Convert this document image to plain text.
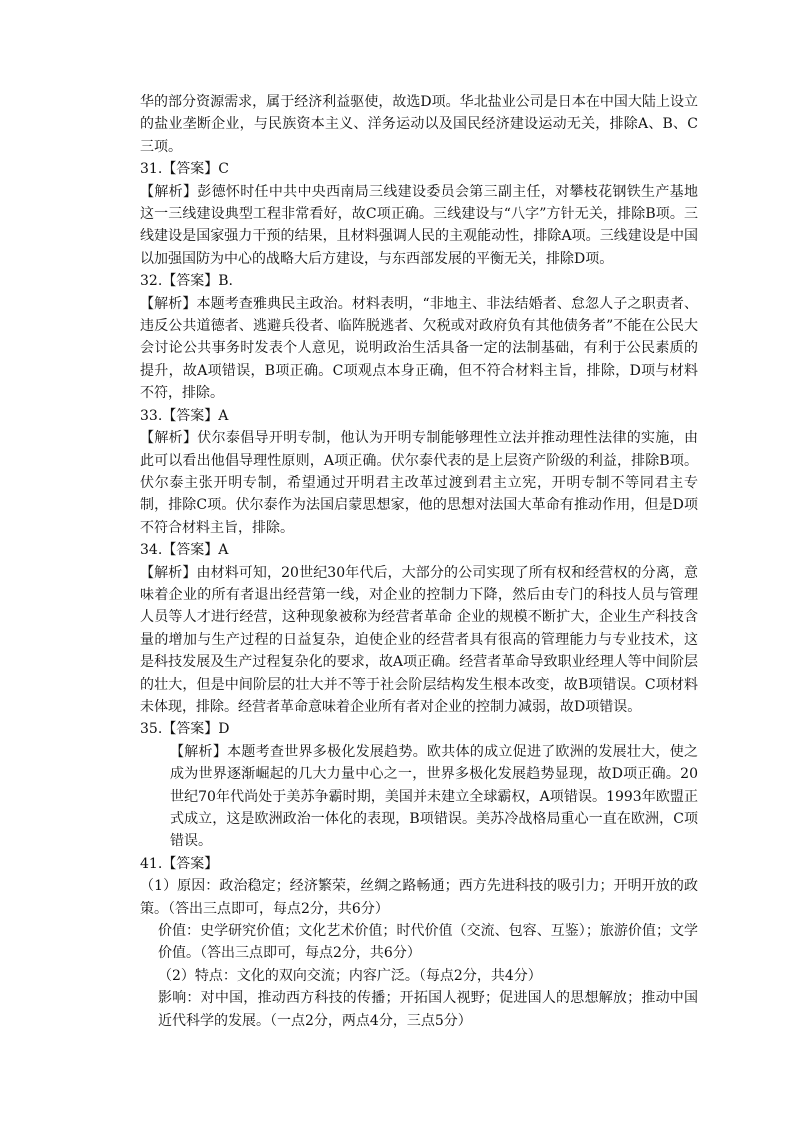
华的部分资源需求，属于经济利益驱使，故选D项。华北盐业公司是日本在中国大陆上设立的盐业垄断企业，与民族资本主义、洋务运动以及国民经济建设运动无关，排除A、B、C三项。

31.【答案】C

【解析】彭德怀时任中共中央西南局三线建设委员会第三副主任，对攀枝花钢铁生产基地这一三线建设典型工程非常看好，故C项正确。三线建设与“八字”方针无关，排除B项。三线建设是国家强力干预的结果，且材料强调人民的主观能动性，排除A项。三线建设是中国以加强国防为中心的战略大后方建设，与东西部发展的平衡无关，排除D项。

32.【答案】B.

【解析】本题考查雅典民主政治。材料表明，“非地主、非法结婚者、怠忽人子之职责者、违反公共道德者、逃避兵役者、临阵脱逃者、欠税或对政府负有其他债务者”不能在公民大会讨论公共事务时发表个人意见，说明政治生活具备一定的法制基础，有利于公民素质的提升，故A项错误，B项正确。C项观点本身正确，但不符合材料主旨，排除，D项与材料不符，排除。

33.【答案】A

【解析】伏尔泰倡导开明专制，他认为开明专制能够理性立法并推动理性法律的实施，由此可以看出他倡导理性原则，A项正确。伏尔泰代表的是上层资产阶级的利益，排除B项。伏尔泰主张开明专制，希望通过开明君主改革过渡到君主立宪，开明专制不等同君主专制，排除C项。伏尔泰作为法国启蒙思想家，他的思想对法国大革命有推动作用，但是D项不符合材料主旨，排除。

34.【答案】A

【解析】由材料可知，20世纪30年代后，大部分的公司实现了所有权和经营权的分离，意味着企业的所有者退出经营第一线，对企业的控制力下降，然后由专门的科技人员与管理人员等人才进行经营，这种现象被称为经营者革命 企业的规模不断扩大，企业生产科技含量的增加与生产过程的日益复杂，迫使企业的经营者具有很高的管理能力与专业技术，这是科技发展及生产过程复杂化的要求，故A项正确。经营者革命导致职业经理人等中间阶层的壮大，但是中间阶层的壮大并不等于社会阶层结构发生根本改变，故B项错误。C项材料未体现，排除。经营者革命意味着企业所有者对企业的控制力减弱，故D项错误。

35.【答案】D

【解析】本题考查世界多极化发展趋势。欧共体的成立促进了欧洲的发展壮大，使之成为世界逐渐崛起的几大力量中心之一，世界多极化发展趋势显现，故D项正确。20世纪70年代尚处于美苏争霸时期，美国并未建立全球霸权，A项错误。1993年欧盟正式成立，这是欧洲政治一体化的表现，B项错误。美苏冷战格局重心一直在欧洲，C项错误。

41.【答案】

（1）原因：政治稳定；经济繁荣，丝绸之路畅通；西方先进科技的吸引力；开明开放的政策。（答出三点即可，每点2分，共6分）

价值：史学研究价值；文化艺术价值；时代价值（交流、包容、互鉴）；旅游价值；文学价值。（答出三点即可，每点2分，共6分）

（2）特点：文化的双向交流；内容广泛。（每点2分，共4分）

影响：对中国，推动西方科技的传播；开拓国人视野；促进国人的思想解放；推动中国近代科学的发展。（一点2分，两点4分，三点5分）
